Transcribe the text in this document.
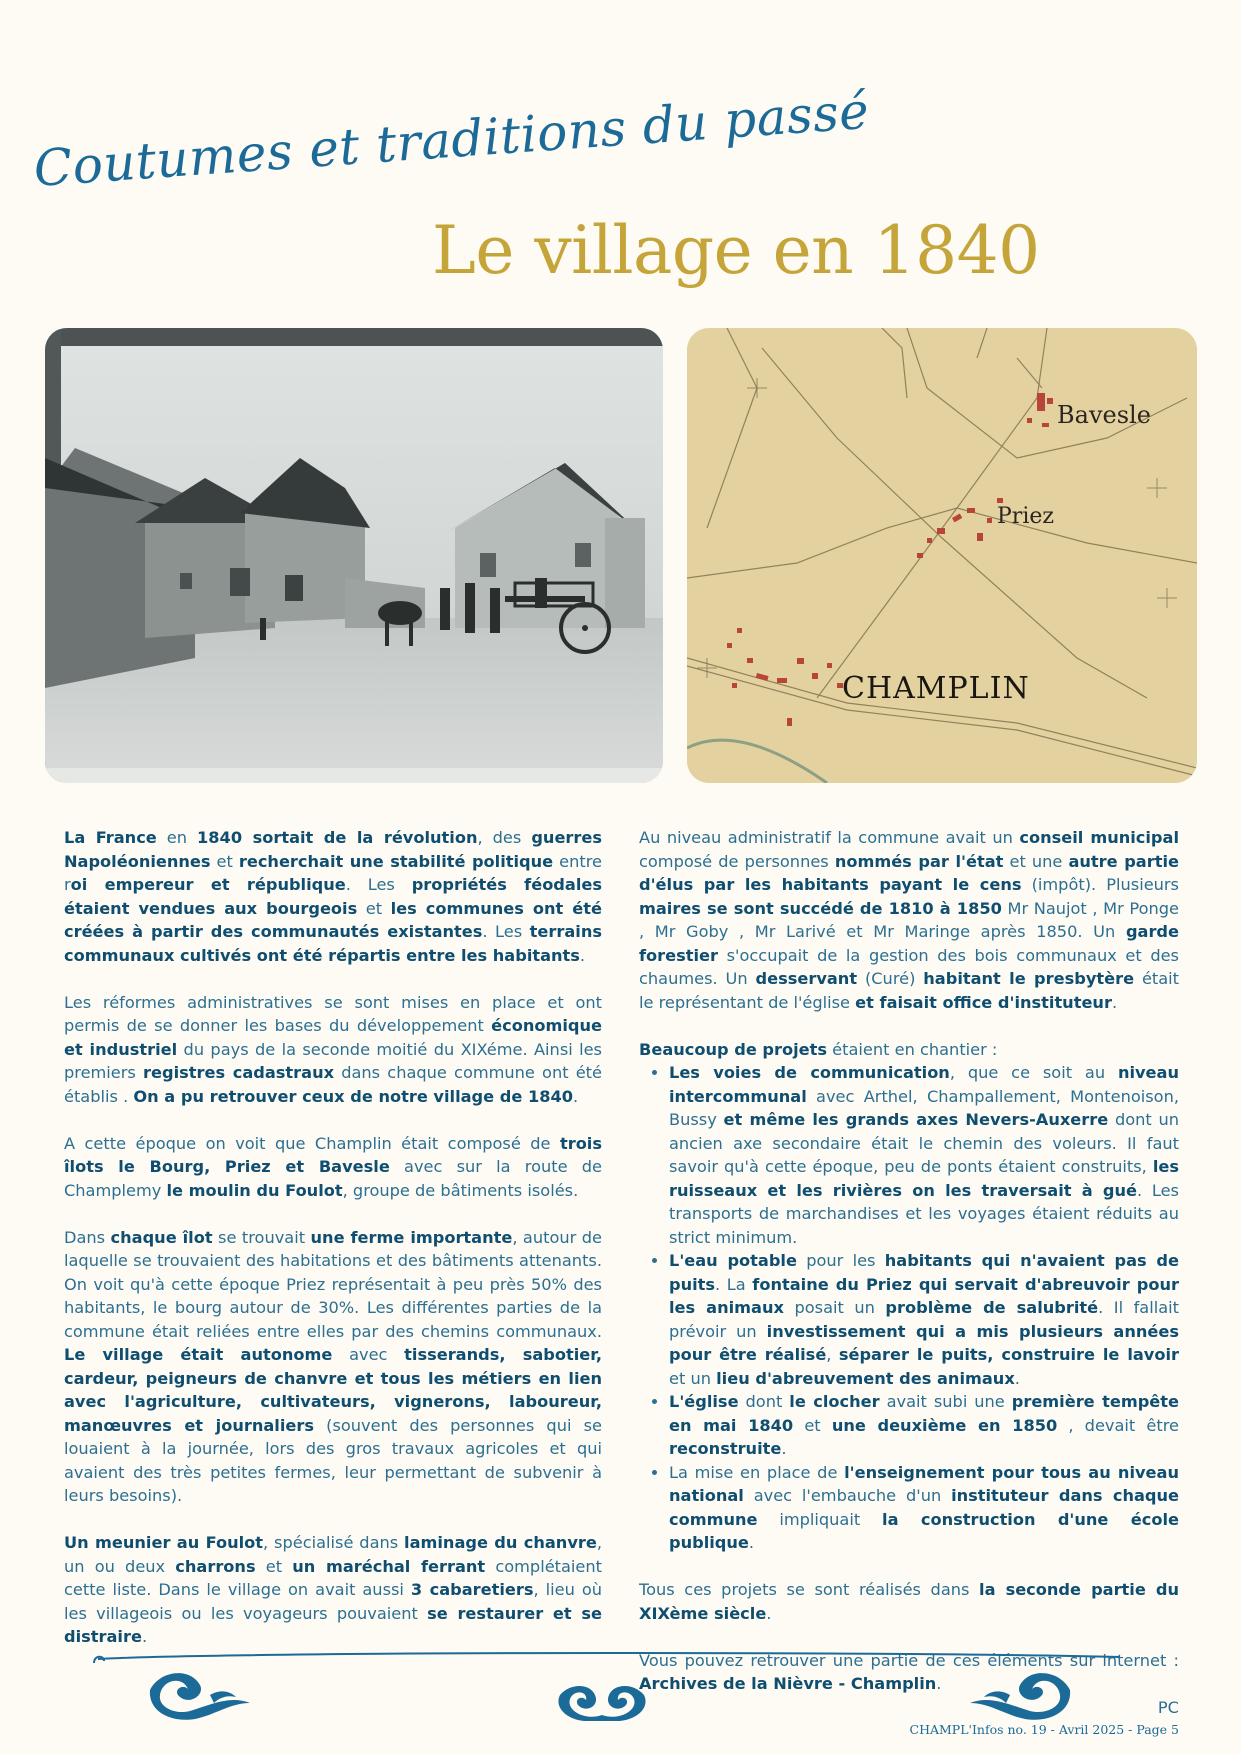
Coutumes et traditions du passé
Le village en 1840
Bavesle
Priez
CHAMPLIN

La France en 1840 sortait de la révolution, des guerres Napoléoniennes et recherchait une stabilité politique entre roi empereur et république. Les propriétés féodales étaient vendues aux bourgeois et les communes ont été créées à partir des communautés existantes. Les terrains communaux cultivés ont été répartis entre les habitants.

Les réformes administratives se sont mises en place et ont permis de se donner les bases du développement économique et industriel du pays de la seconde moitié du XIXéme. Ainsi les premiers registres cadastraux dans chaque commune ont été établis . On a pu retrouver ceux de notre village de 1840.

A cette époque on voit que Champlin était composé de trois îlots le Bourg, Priez et Bavesle avec sur la route de Champlemy le moulin du Foulot, groupe de bâtiments isolés.

Dans chaque îlot se trouvait une ferme importante, autour de laquelle se trouvaient des habitations et des bâtiments attenants. On voit qu'à cette époque Priez représentait à peu près 50% des habitants, le bourg autour de 30%. Les différentes parties de la commune était reliées entre elles par des chemins communaux. Le village était autonome avec tisserands, sabotier, cardeur, peigneurs de chanvre et tous les métiers en lien avec l'agriculture, cultivateurs, vignerons, laboureur, manœuvres et journaliers (souvent des personnes qui se louaient à la journée, lors des gros travaux agricoles et qui avaient des très petites fermes, leur permettant de subvenir à leurs besoins).

Un meunier au Foulot, spécialisé dans laminage du chanvre, un ou deux charrons et un maréchal ferrant complétaient cette liste. Dans le village on avait aussi 3 cabaretiers, lieu où les villageois ou les voyageurs pouvaient se restaurer et se distraire.

Au niveau administratif la commune avait un conseil municipal composé de personnes nommés par l'état et une autre partie d'élus par les habitants payant le cens (impôt). Plusieurs maires se sont succédé de 1810 à 1850 Mr Naujot , Mr Ponge , Mr Goby , Mr Larivé et Mr Maringe après 1850. Un garde forestier s'occupait de la gestion des bois communaux et des chaumes. Un desservant (Curé) habitant le presbytère était le représentant de l'église et faisait office d'instituteur.

Beaucoup de projets étaient en chantier :

• Les voies de communication, que ce soit au niveau intercommunal avec Arthel, Champallement, Montenoison, Bussy et même les grands axes Nevers-Auxerre dont un ancien axe secondaire était le chemin des voleurs. Il faut savoir qu'à cette époque, peu de ponts étaient construits, les ruisseaux et les rivières on les traversait à gué. Les transports de marchandises et les voyages étaient réduits au strict minimum.
• L'eau potable pour les habitants qui n'avaient pas de puits. La fontaine du Priez qui servait d'abreuvoir pour les animaux posait un problème de salubrité. Il fallait prévoir un investissement qui a mis plusieurs années pour être réalisé, séparer le puits, construire le lavoir et un lieu d'abreuvement des animaux.
• L'église dont le clocher avait subi une première tempête en mai 1840 et une deuxième en 1850 , devait être reconstruite.
• La mise en place de l'enseignement pour tous au niveau national avec l'embauche d'un instituteur dans chaque commune impliquait la construction d'une école publique.

Tous ces projets se sont réalisés dans la seconde partie du XIXème siècle.

Vous pouvez retrouver une partie de ces éléments sur internet : Archives de la Nièvre - Champlin.

PC

CHAMPL'Infos no. 19 - Avril 2025 - Page 5
